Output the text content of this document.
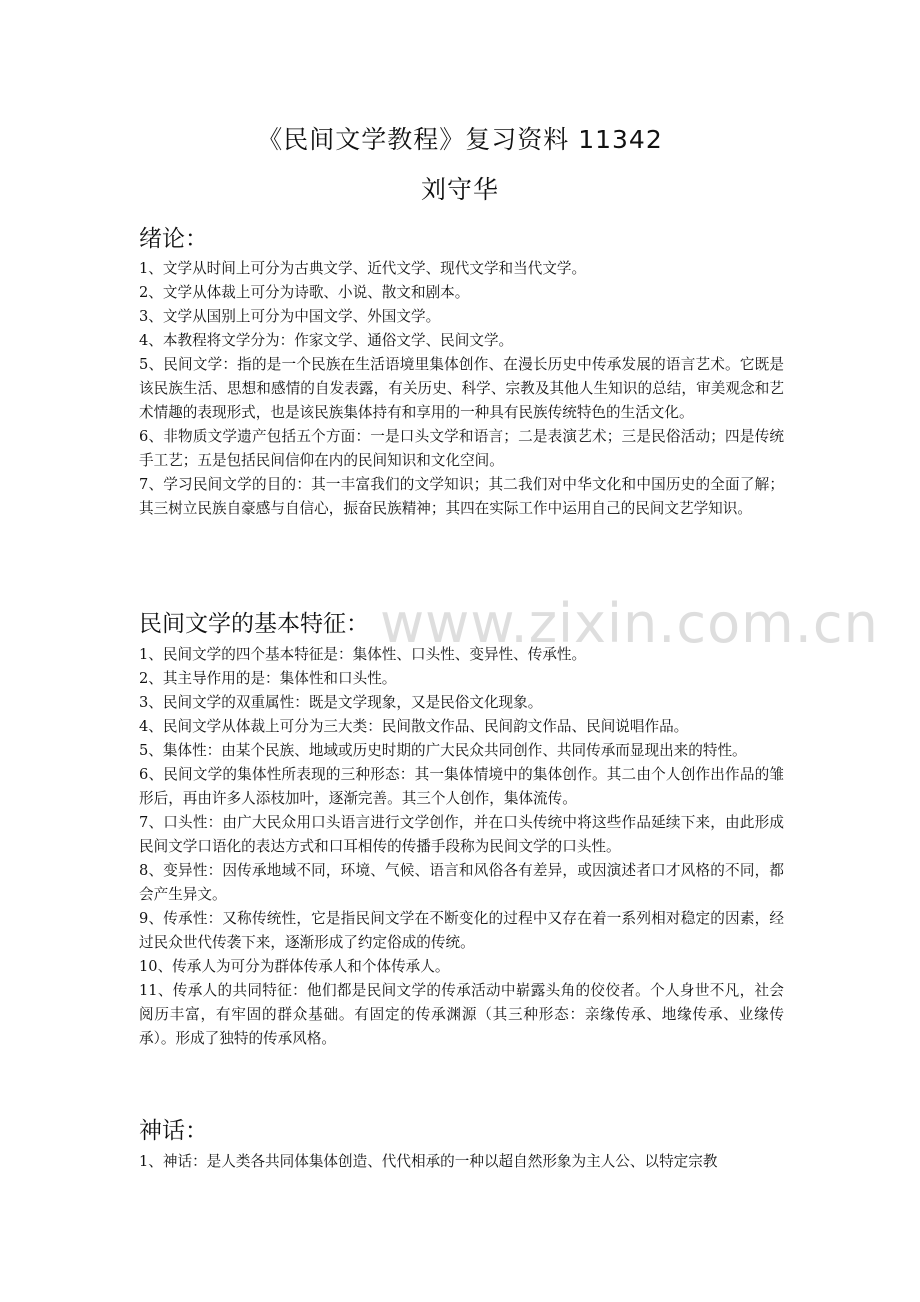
www.zixin.com.cn
《民间文学教程》复习资料 11342
刘守华
绪论：

1、文学从时间上可分为古典文学、近代文学、现代文学和当代文学。

2、文学从体裁上可分为诗歌、小说、散文和剧本。

3、文学从国别上可分为中国文学、外国文学。

4、本教程将文学分为：作家文学、通俗文学、民间文学。

5、民间文学：指的是一个民族在生活语境里集体创作、在漫长历史中传承发展的语言艺术。它既是该民族生活、思想和感情的自发表露，有关历史、科学、宗教及其他人生知识的总结，审美观念和艺术情趣的表现形式，也是该民族集体持有和享用的一种具有民族传统特色的生活文化。

6、非物质文学遗产包括五个方面：一是口头文学和语言；二是表演艺术；三是民俗活动；四是传统手工艺；五是包括民间信仰在内的民间知识和文化空间。

7、学习民间文学的目的：其一丰富我们的文学知识；其二我们对中华文化和中国历史的全面了解；其三树立民族自豪感与自信心，振奋民族精神；其四在实际工作中运用自己的民间文艺学知识。

民间文学的基本特征：

1、民间文学的四个基本特征是：集体性、口头性、变异性、传承性。

2、其主导作用的是：集体性和口头性。

3、民间文学的双重属性：既是文学现象，又是民俗文化现象。

4、民间文学从体裁上可分为三大类：民间散文作品、民间韵文作品、民间说唱作品。

5、集体性：由某个民族、地域或历史时期的广大民众共同创作、共同传承而显现出来的特性。

6、民间文学的集体性所表现的三种形态：其一集体情境中的集体创作。其二由个人创作出作品的雏形后，再由许多人添枝加叶，逐渐完善。其三个人创作，集体流传。

7、口头性：由广大民众用口头语言进行文学创作，并在口头传统中将这些作品延续下来，由此形成民间文学口语化的表达方式和口耳相传的传播手段称为民间文学的口头性。

8、变异性：因传承地域不同，环境、气候、语言和风俗各有差异，或因演述者口才风格的不同，都会产生异文。

9、传承性：又称传统性，它是指民间文学在不断变化的过程中又存在着一系列相对稳定的因素，经过民众世代传袭下来，逐渐形成了约定俗成的传统。

10、传承人为可分为群体传承人和个体传承人。

11、传承人的共同特征：他们都是民间文学的传承活动中崭露头角的佼佼者。个人身世不凡，社会阅历丰富，有牢固的群众基础。有固定的传承渊源（其三种形态：亲缘传承、地缘传承、业缘传承）。形成了独特的传承风格。

神话：

1、神话：是人类各共同体集体创造、代代相承的一种以超自然形象为主人公、以特定宗教
